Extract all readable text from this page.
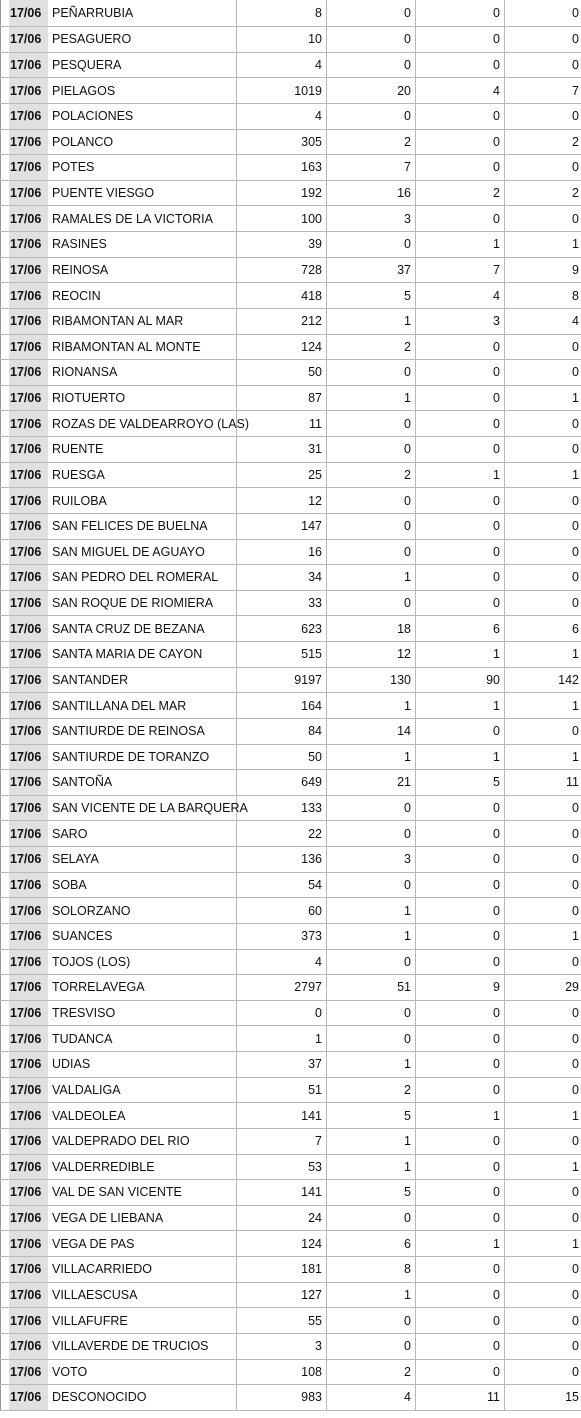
17/06 PEÑARRUBIA	8	0	0	0
17/06 PESAGUERO	10	0	0	0
17/06 PESQUERA	4	0	0	0
17/06 PIELAGOS	1019	20	4	7
17/06 POLACIONES	4	0	0	0
17/06 POLANCO	305	2	0	2
17/06 POTES	163	7	0	0
17/06 PUENTE VIESGO	192	16	2	2
17/06 RAMALES DE LA VICTORIA	100	3	0	0
17/06 RASINES	39	0	1	1
17/06 REINOSA	728	37	7	9
17/06 REOCIN	418	5	4	8
17/06 RIBAMONTAN AL MAR	212	1	3	4
17/06 RIBAMONTAN AL MONTE	124	2	0	0
17/06 RIONANSA	50	0	0	0
17/06 RIOTUERTO	87	1	0	1
17/06 ROZAS DE VALDEARROYO (LAS)	11	0	0	0
17/06 RUENTE	31	0	0	0
17/06 RUESGA	25	2	1	1
17/06 RUILOBA	12	0	0	0
17/06 SAN FELICES DE BUELNA	147	0	0	0
17/06 SAN MIGUEL DE AGUAYO	16	0	0	0
17/06 SAN PEDRO DEL ROMERAL	34	1	0	0
17/06 SAN ROQUE DE RIOMIERA	33	0	0	0
17/06 SANTA CRUZ DE BEZANA	623	18	6	6
17/06 SANTA MARIA DE CAYON	515	12	1	1
17/06 SANTANDER	9197	130	90	142
17/06 SANTILLANA DEL MAR	164	1	1	1
17/06 SANTIURDE DE REINOSA	84	14	0	0
17/06 SANTIURDE DE TORANZO	50	1	1	1
17/06 SANTOÑA	649	21	5	11
17/06 SAN VICENTE DE LA BARQUERA	133	0	0	0
17/06 SARO	22	0	0	0
17/06 SELAYA	136	3	0	0
17/06 SOBA	54	0	0	0
17/06 SOLORZANO	60	1	0	0
17/06 SUANCES	373	1	0	1
17/06 TOJOS (LOS)	4	0	0	0
17/06 TORRELAVEGA	2797	51	9	29
17/06 TRESVISO	0	0	0	0
17/06 TUDANCA	1	0	0	0
17/06 UDIAS	37	1	0	0
17/06 VALDALIGA	51	2	0	0
17/06 VALDEOLEA	141	5	1	1
17/06 VALDEPRADO DEL RIO	7	1	0	0
17/06 VALDERREDIBLE	53	1	0	1
17/06 VAL DE SAN VICENTE	141	5	0	0
17/06 VEGA DE LIEBANA	24	0	0	0
17/06 VEGA DE PAS	124	6	1	1
17/06 VILLACARRIEDO	181	8	0	0
17/06 VILLAESCUSA	127	1	0	0
17/06 VILLAFUFRE	55	0	0	0
17/06 VILLAVERDE DE TRUCIOS	3	0	0	0
17/06 VOTO	108	2	0	0
17/06 DESCONOCIDO	983	4	11	15
